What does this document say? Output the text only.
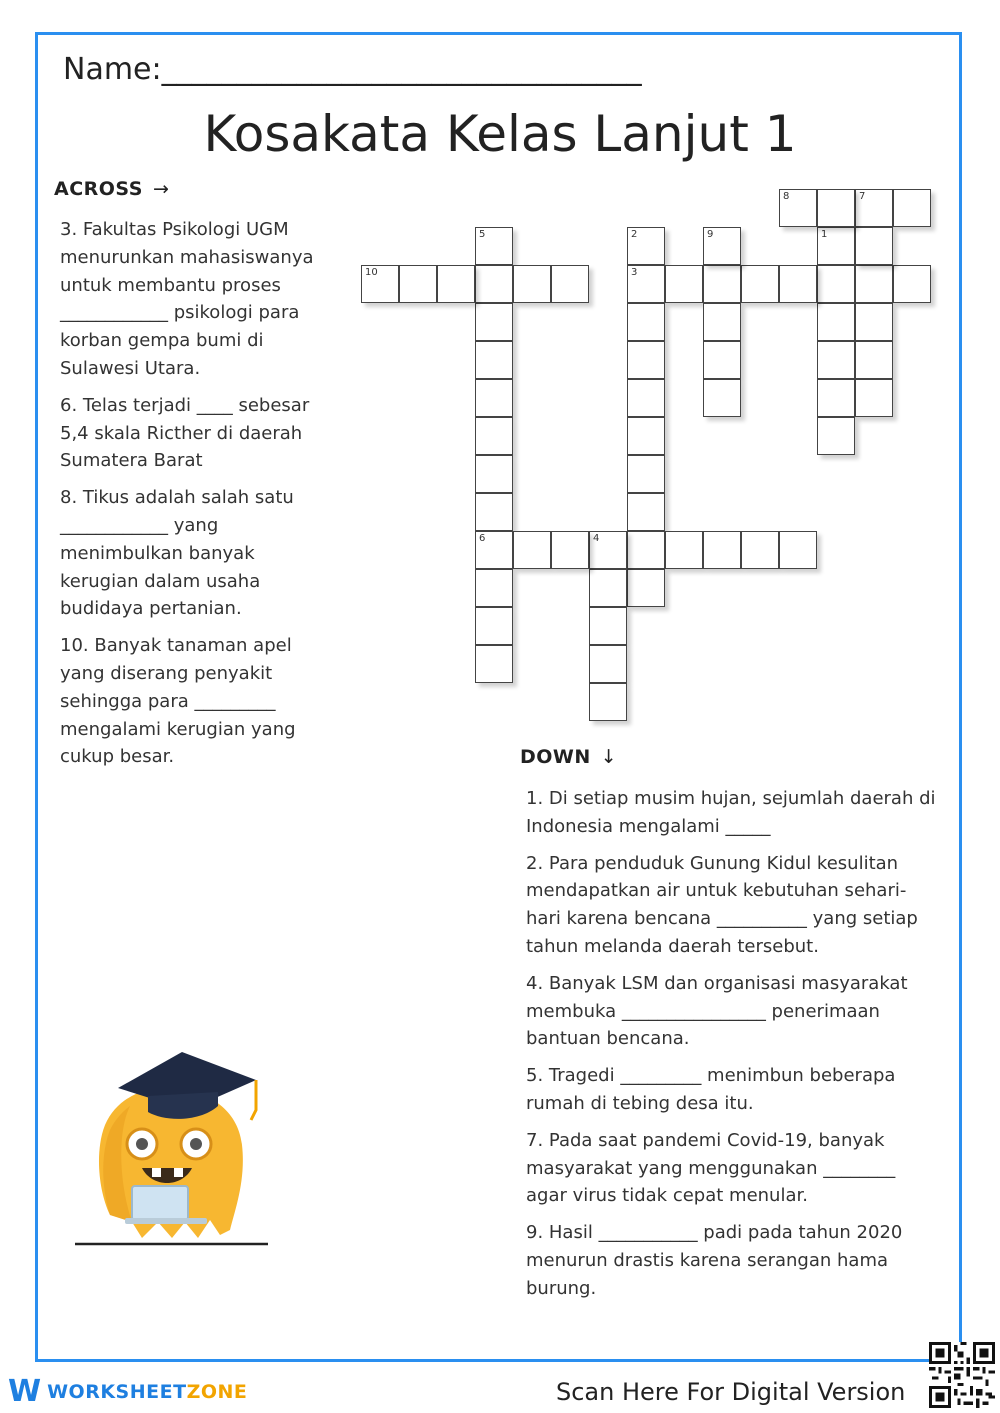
Name:________________________________
Kosakata Kelas Lanjut 1
ACROSS →

3. Fakultas Psikologi UGM menurunkan mahasiswanya untuk membantu proses ____________ psikologi para korban gempa bumi di Sulawesi Utara.

6. Telas terjadi ____ sebesar 5,4 skala Ricther di daerah Sumatera Barat

8. Tikus adalah salah satu ____________ yang menimbulkan banyak kerugian dalam usaha budidaya pertanian.

10. Banyak tanaman apel yang diserang penyakit sehingga para _________ mengalami kerugian yang cukup besar.

1
2
3
4
5
6
7
8
9
10
DOWN ↓

1. Di setiap musim hujan, sejumlah daerah di Indonesia mengalami _____

2. Para penduduk Gunung Kidul kesulitan mendapatkan air untuk kebutuhan sehari-hari karena bencana __________ yang setiap tahun melanda daerah tersebut.

4. Banyak LSM dan organisasi masyarakat membuka ________________ penerimaan bantuan bencana.

5. Tragedi _________ menimbun beberapa rumah di tebing desa itu.

7. Pada saat pandemi Covid-19, banyak masyarakat yang menggunakan ________ agar virus tidak cepat menular.

9. Hasil ___________ padi pada tahun 2020 menurun drastis karena serangan hama burung.

W WORKSHEET ZONE	Scan Here For Digital Version
